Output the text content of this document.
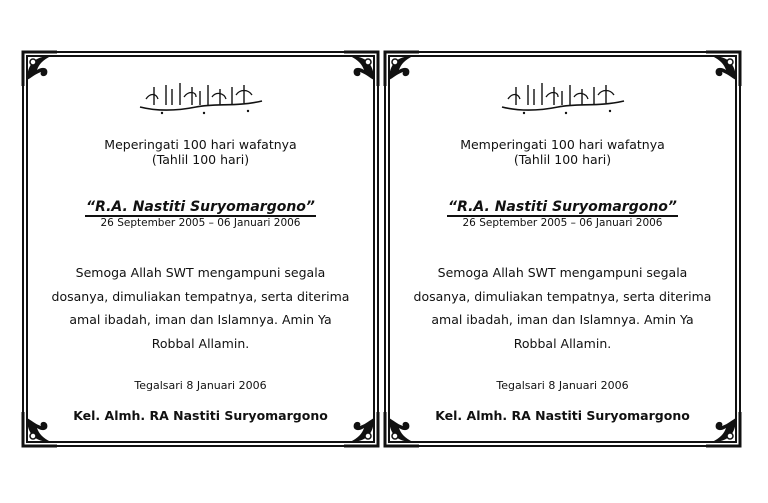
Meperingati 100 hari wafatnya
(Tahlil 100 hari)
“R.A. Nastiti Suryomargono”
26 September 2005 – 06 Januari 2006
Semoga Allah SWT mengampuni segala
dosanya, dimuliakan tempatnya, serta diterima
amal ibadah, iman dan Islamnya. Amin Ya
Robbal Allamin.
Tegalsari 8 Januari 2006
Kel. Almh. RA Nastiti Suryomargono
Memperingati 100 hari wafatnya
(Tahlil 100 hari)
“R.A. Nastiti Suryomargono”
26 September 2005 – 06 Januari 2006
Semoga Allah SWT mengampuni segala
dosanya, dimuliakan tempatnya, serta diterima
amal ibadah, iman dan Islamnya. Amin Ya
Robbal Allamin.
Tegalsari 8 Januari 2006
Kel. Almh. RA Nastiti Suryomargono
